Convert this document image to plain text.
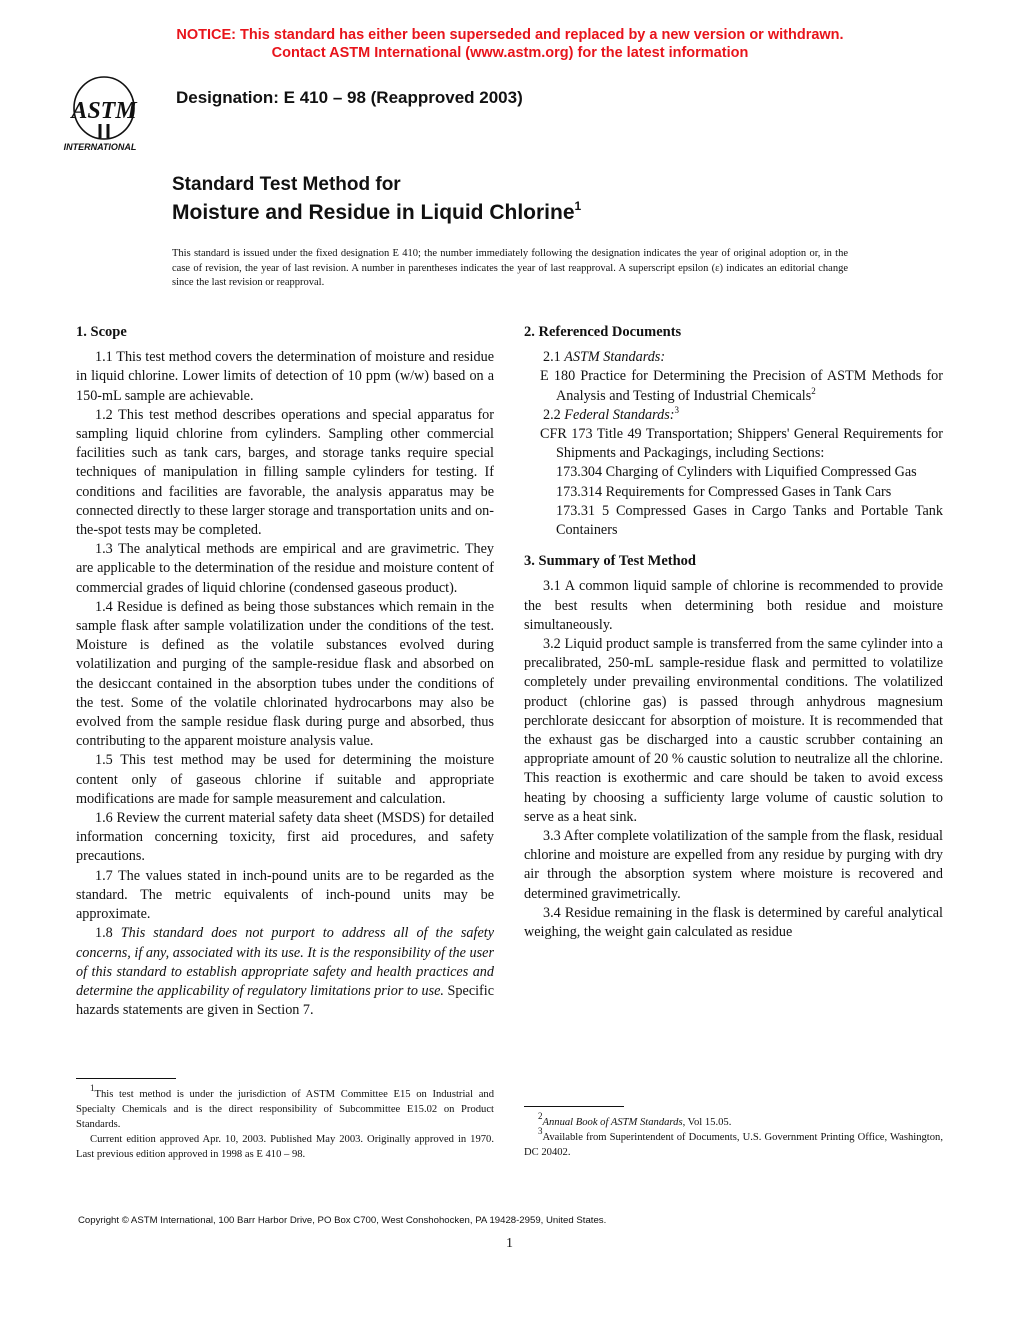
NOTICE: This standard has either been superseded and replaced by a new version or withdrawn.
Contact ASTM International (www.astm.org) for the latest information
ASTM
INTERNATIONAL
Designation: E 410 – 98 (Reapproved 2003)
Standard Test Method for
Moisture and Residue in Liquid Chlorine$^1$
This standard is issued under the fixed designation E 410; the number immediately following the designation indicates the year of original adoption or, in the case of revision, the year of last revision. A number in parentheses indicates the year of last reapproval. A superscript epsilon (ε) indicates an editorial change since the last revision or reapproval.
1. Scope

1.1 This test method covers the determination of moisture and residue in liquid chlorine. Lower limits of detection of 10 ppm (w/w) based on a 150-mL sample are achievable.

1.2 This test method describes operations and special apparatus for sampling liquid chlorine from cylinders. Sampling other commercial facilities such as tank cars, barges, and storage tanks require special techniques of manipulation in filling sample cylinders for testing. If conditions and facilities are favorable, the analysis apparatus may be connected directly to these larger storage and transportation units and on-the-spot tests may be completed.

1.3 The analytical methods are empirical and are gravimetric. They are applicable to the determination of the residue and moisture content of commercial grades of liquid chlorine (condensed gaseous product).

1.4 Residue is defined as being those substances which remain in the sample flask after sample volatilization under the conditions of the test. Moisture is defined as the volatile substances evolved during volatilization and purging of the sample-residue flask and absorbed on the desiccant contained in the absorption tubes under the conditions of the test. Some of the volatile chlorinated hydrocarbons may also be evolved from the sample residue flask during purge and absorbed, thus contributing to the apparent moisture analysis value.

1.5 This test method may be used for determining the moisture content only of gaseous chlorine if suitable and appropriate modifications are made for sample measurement and calculation.

1.6 Review the current material safety data sheet (MSDS) for detailed information concerning toxicity, first aid procedures, and safety precautions.

1.7 The values stated in inch-pound units are to be regarded as the standard. The metric equivalents of inch-pound units may be approximate.

1.8 This standard does not purport to address all of the safety concerns, if any, associated with its use. It is the responsibility of the user of this standard to establish appropriate safety and health practices and determine the applicability of regulatory limitations prior to use. Specific hazards statements are given in Section 7.

2. Referenced Documents

2.1 ASTM Standards:

E 180 Practice for Determining the Precision of ASTM Methods for Analysis and Testing of Industrial Chemicals$^2$

2.2 Federal Standards:$^3$

CFR 173 Title 49 Transportation; Shippers' General Requirements for Shipments and Packagings, including Sections:

173.304 Charging of Cylinders with Liquified Compressed Gas

173.314 Requirements for Compressed Gases in Tank Cars

173.31 5 Compressed Gases in Cargo Tanks and Portable Tank Containers

3. Summary of Test Method

3.1 A common liquid sample of chlorine is recommended to provide the best results when determining both residue and moisture simultaneously.

3.2 Liquid product sample is transferred from the same cylinder into a precalibrated, 250-mL sample-residue flask and permitted to volatilize completely under prevailing environmental conditions. The volatilized product (chlorine gas) is passed through anhydrous magnesium perchlorate desiccant for absorption of moisture. It is recommended that the exhaust gas be discharged into a caustic scrubber containing an appropriate amount of 20 % caustic solution to neutralize all the chlorine. This reaction is exothermic and care should be taken to avoid excess heating by choosing a sufficienty large volume of caustic solution to serve as a heat sink.

3.3 After complete volatilization of the sample from the flask, residual chlorine and moisture are expelled from any residue by purging with dry air through the absorption system where moisture is recovered and determined gravimetrically.

3.4 Residue remaining in the flask is determined by careful analytical weighing, the weight gain calculated as residue

$^1$This test method is under the jurisdiction of ASTM Committee E15 on Industrial and Specialty Chemicals and is the direct responsibility of Subcommittee E15.02 on Product Standards.

Current edition approved Apr. 10, 2003. Published May 2003. Originally approved in 1970. Last previous edition approved in 1998 as E 410 – 98.

$^2$Annual Book of ASTM Standards, Vol 15.05.

$^3$Available from Superintendent of Documents, U.S. Government Printing Office, Washington, DC 20402.

Copyright © ASTM International, 100 Barr Harbor Drive, PO Box C700, West Conshohocken, PA 19428-2959, United States.
1
